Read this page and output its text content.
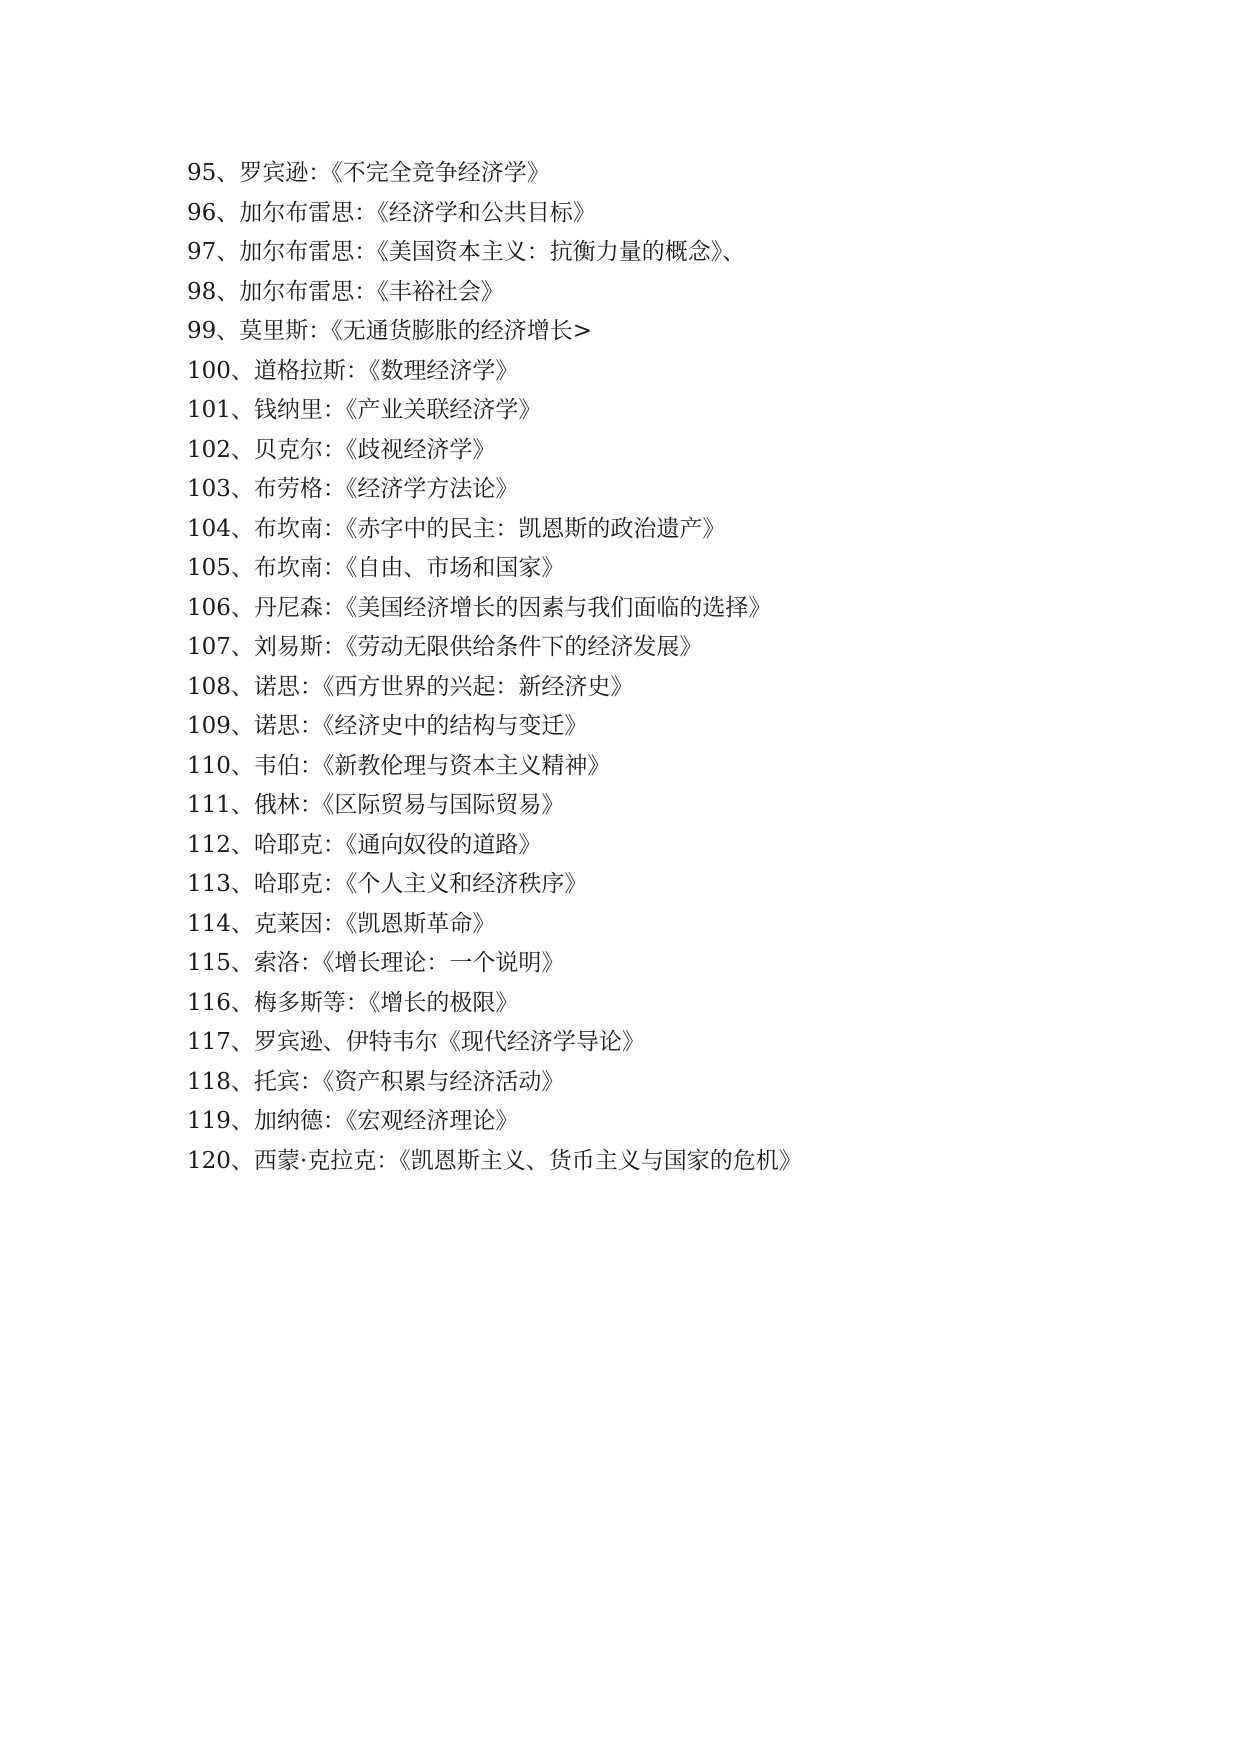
95、罗宾逊：《不完全竞争经济学》
96、加尔布雷思：《经济学和公共目标》
97、加尔布雷思：《美国资本主义：抗衡力量的概念》、
98、加尔布雷思：《丰裕社会》
99、莫里斯：《无通货膨胀的经济增长>
100、道格拉斯：《数理经济学》
101、钱纳里：《产业关联经济学》
102、贝克尔：《歧视经济学》
103、布劳格：《经济学方法论》
104、布坎南：《赤字中的民主：凯恩斯的政治遗产》
105、布坎南：《自由、市场和国家》
106、丹尼森：《美国经济增长的因素与我们面临的选择》
107、刘易斯：《劳动无限供给条件下的经济发展》
108、诺思：《西方世界的兴起：新经济史》
109、诺思：《经济史中的结构与变迁》
110、韦伯：《新教伦理与资本主义精神》
111、俄林：《区际贸易与国际贸易》
112、哈耶克：《通向奴役的道路》
113、哈耶克：《个人主义和经济秩序》
114、克莱因：《凯恩斯革命》
115、索洛：《增长理论：一个说明》
116、梅多斯等：《增长的极限》
117、罗宾逊、伊特韦尔《现代经济学导论》
118、托宾：《资产积累与经济活动》
119、加纳德：《宏观经济理论》
120、西蒙·克拉克：《凯恩斯主义、货币主义与国家的危机》
